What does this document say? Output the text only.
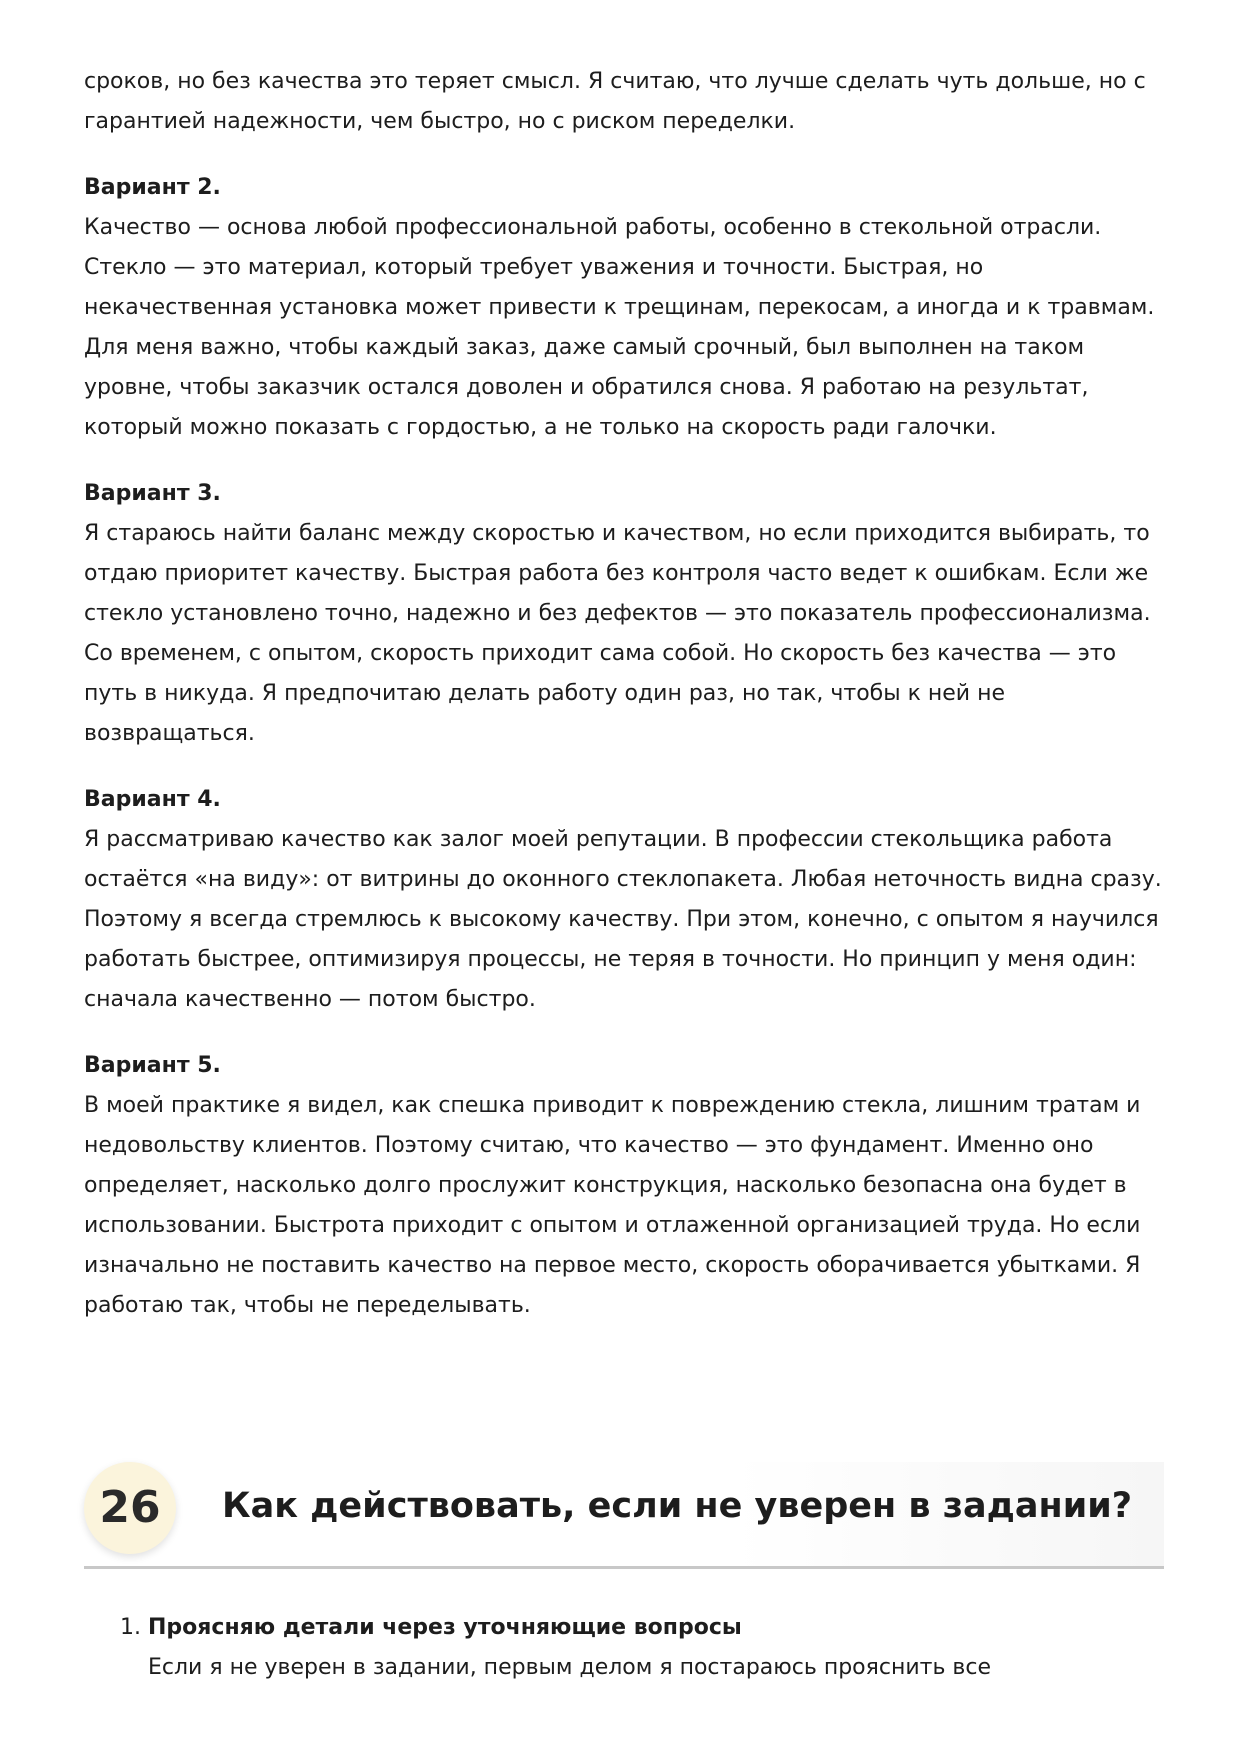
сроков, но без качества это теряет смысл. Я считаю, что лучше сделать чуть дольше, но с гарантией надежности, чем быстро, но с риском переделки.

Вариант 2.

Качество — основа любой профессиональной работы, особенно в стекольной отрасли. Стекло — это материал, который требует уважения и точности. Быстрая, но некачественная установка может привести к трещинам, перекосам, а иногда и к травмам. Для меня важно, чтобы каждый заказ, даже самый срочный, был выполнен на таком уровне, чтобы заказчик остался доволен и обратился снова. Я работаю на результат, который можно показать с гордостью, а не только на скорость ради галочки.

Вариант 3.

Я стараюсь найти баланс между скоростью и качеством, но если приходится выбирать, то отдаю приоритет качеству. Быстрая работа без контроля часто ведет к ошибкам. Если же стекло установлено точно, надежно и без дефектов — это показатель профессионализма. Со временем, с опытом, скорость приходит сама собой. Но скорость без качества — это путь в никуда. Я предпочитаю делать работу один раз, но так, чтобы к ней не возвращаться.

Вариант 4.

Я рассматриваю качество как залог моей репутации. В профессии стекольщика работа остаётся «на виду»: от витрины до оконного стеклопакета. Любая неточность видна сразу. Поэтому я всегда стремлюсь к высокому качеству. При этом, конечно, с опытом я научился работать быстрее, оптимизируя процессы, не теряя в точности. Но принцип у меня один: сначала качественно — потом быстро.

Вариант 5.

В моей практике я видел, как спешка приводит к повреждению стекла, лишним тратам и недовольству клиентов. Поэтому считаю, что качество — это фундамент. Именно оно определяет, насколько долго прослужит конструкция, насколько безопасна она будет в использовании. Быстрота приходит с опытом и отлаженной организацией труда. Но если изначально не поставить качество на первое место, скорость оборачивается убытками. Я работаю так, чтобы не переделывать.

26	Как действовать, если не уверен в задании?
1. Проясняю детали через уточняющие вопросы

Если я не уверен в задании, первым делом я постараюсь прояснить все
